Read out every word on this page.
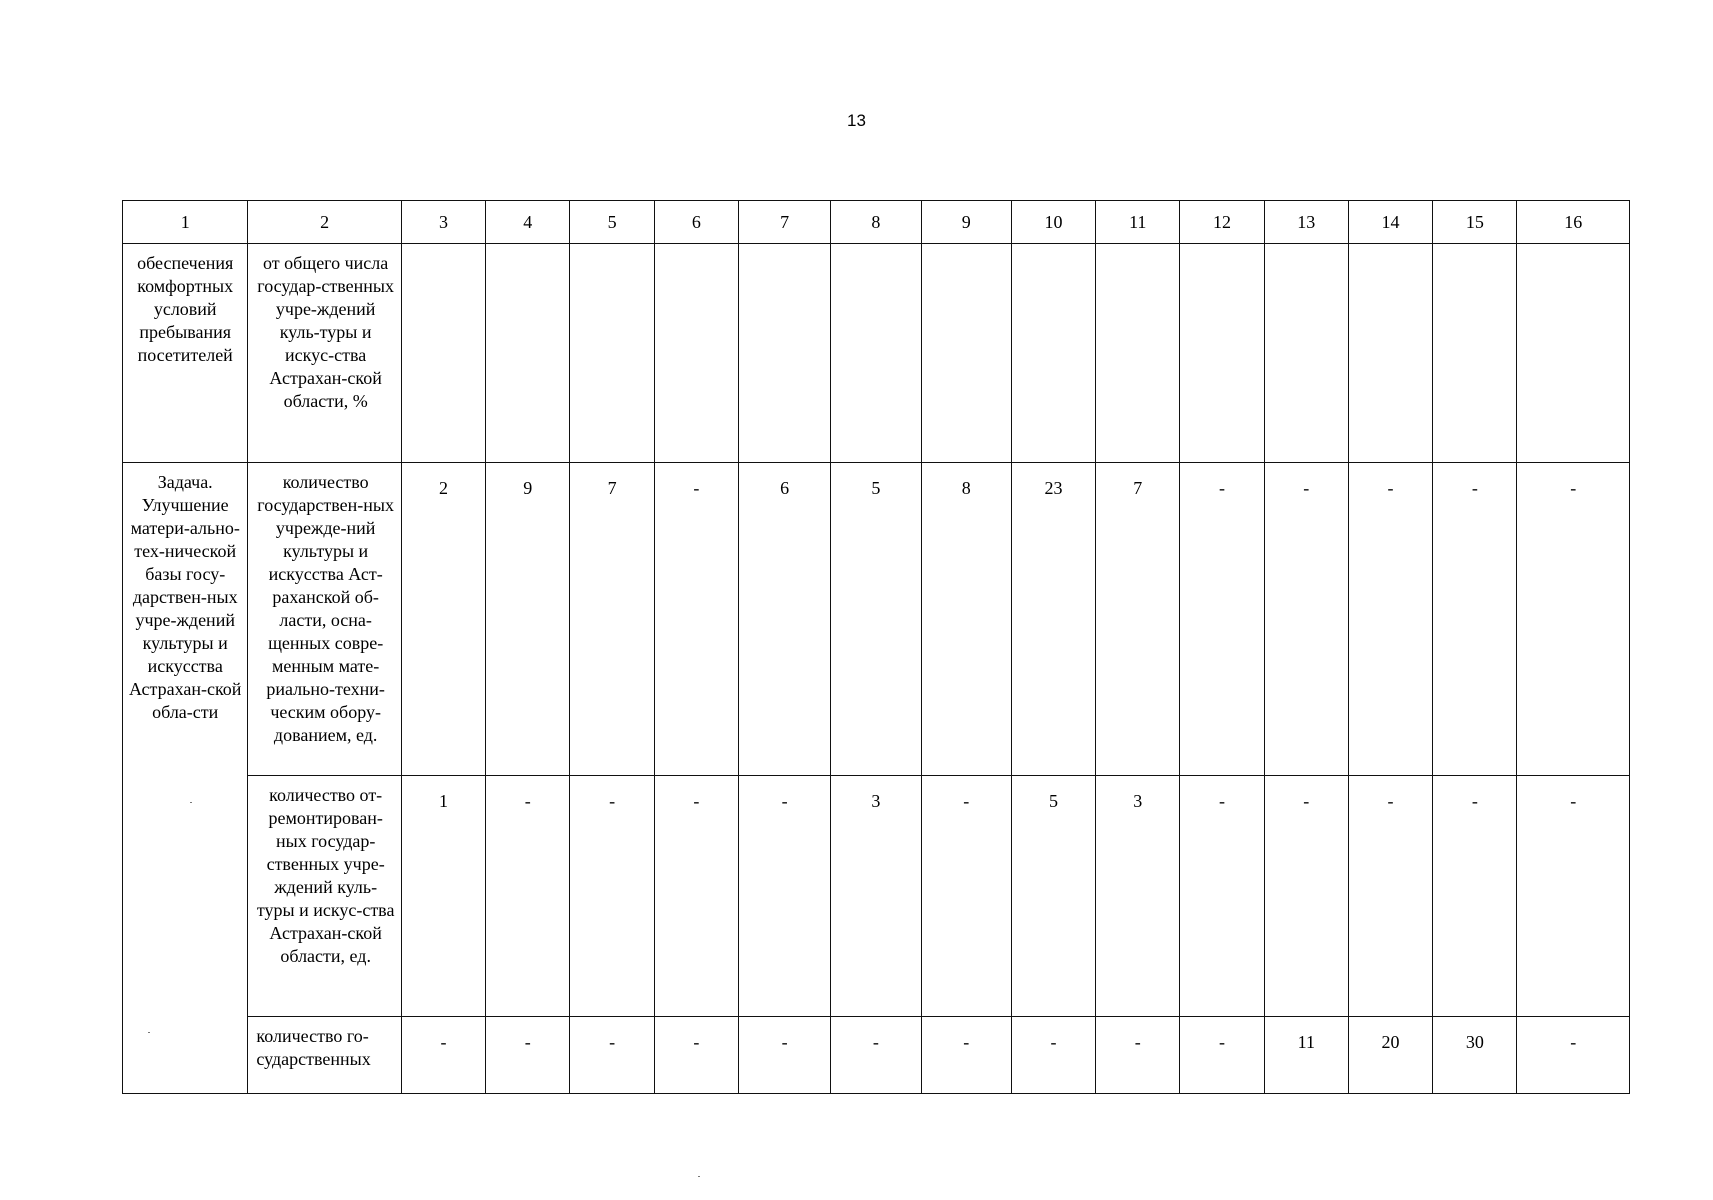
13
1	2	3	4	5	6	7	8	9	10	11	12	13	14	15	16
обеспечения комфортных условий пребывания посетителей	от общего числа государ-ственных учре-ждений куль-туры и искус-ства Астрахан-ской области, %														
Задача. Улучшение матери-ально-тех-нической базы госу-дарствен-ных учре-ждений культуры и искусства Астрахан-ской обла-сти	количество государствен-ных учрежде-ний культуры и искусства Аст-раханской об-ласти, осна-щенных совре-менным мате-риально-техни-ческим обору-дованием, ед.	2	9	7	-	6	5	8	23	7	-	-	-	-	-
	количество от-ремонтирован-ных государ-ственных учре-ждений куль-туры и искус-ства Астрахан-ской области, ед.	1	-	-	-	-	3	-	5	3	-	-	-	-	-
	количество го-сударственных	-	-	-	-	-	-	-	-	-	-	11	20	30	-
